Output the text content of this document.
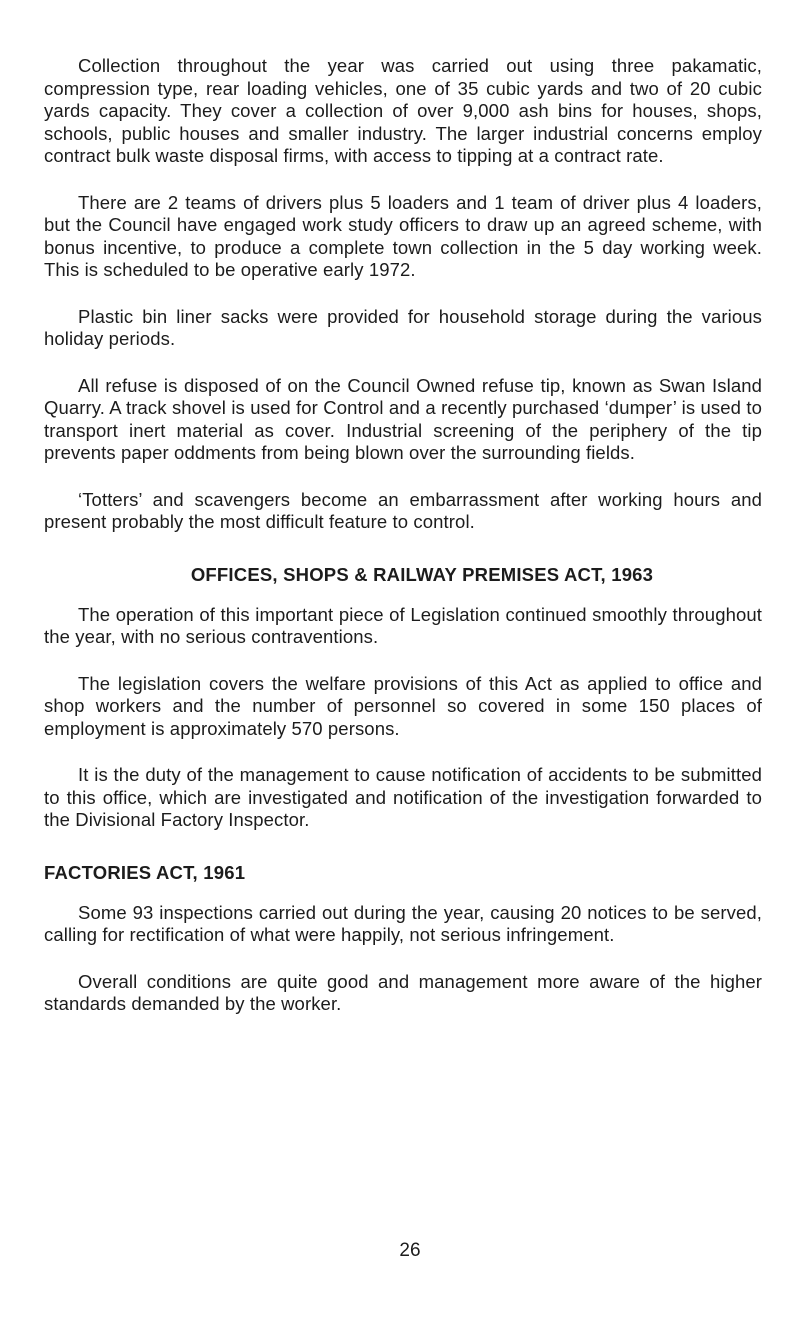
Collection throughout the year was carried out using three pakamatic, compression type, rear loading vehicles, one of 35 cubic yards and two of 20 cubic yards capacity. They cover a collection of over 9,000 ash bins for houses, shops, schools, public houses and smaller industry. The larger industrial concerns employ contract bulk waste disposal firms, with access to tipping at a contract rate.

There are 2 teams of drivers plus 5 loaders and 1 team of driver plus 4 loaders, but the Council have engaged work study officers to draw up an agreed scheme, with bonus incentive, to produce a complete town collection in the 5 day working week. This is scheduled to be operative early 1972.

Plastic bin liner sacks were provided for household storage during the various holiday periods.

All refuse is disposed of on the Council Owned refuse tip, known as Swan Island Quarry. A track shovel is used for Control and a recently purchased ‘dumper’ is used to transport inert material as cover. Industrial screening of the periphery of the tip prevents paper oddments from being blown over the surrounding fields.

‘Totters’ and scavengers become an embarrassment after working hours and present probably the most difficult feature to control.

OFFICES, SHOPS & RAILWAY PREMISES ACT, 1963

The operation of this important piece of Legislation continued smoothly throughout the year, with no serious contraventions.

The legislation covers the welfare provisions of this Act as applied to office and shop workers and the number of personnel so covered in some 150 places of employment is approximately 570 persons.

It is the duty of the management to cause notification of accidents to be submitted to this office, which are investigated and notification of the investigation forwarded to the Divisional Factory Inspector.

FACTORIES ACT, 1961

Some 93 inspections carried out during the year, causing 20 notices to be served, calling for rectification of what were happily, not serious infringement.

Overall conditions are quite good and management more aware of the higher standards demanded by the worker.

26
